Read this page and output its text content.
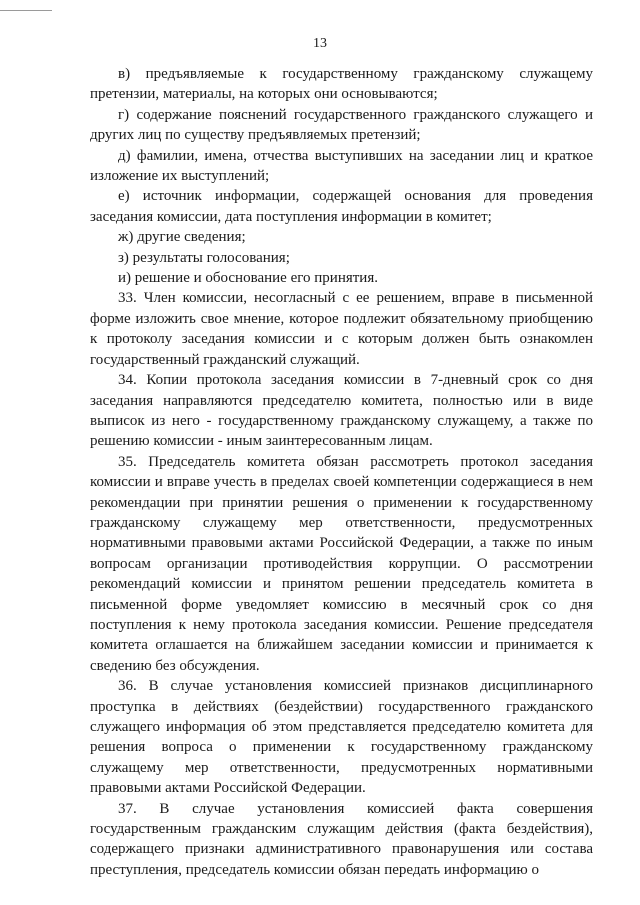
13

в) предъявляемые к государственному гражданскому служащему претензии, материалы, на которых они основываются;

г) содержание пояснений государственного гражданского служащего и других лиц по существу предъявляемых претензий;

д) фамилии, имена, отчества выступивших на заседании лиц и краткое изложение их выступлений;

е) источник информации, содержащей основания для проведения заседания комиссии, дата поступления информации в комитет;

ж) другие сведения;

з) результаты голосования;

и) решение и обоснование его принятия.

33. Член комиссии, несогласный с ее решением, вправе в письменной форме изложить свое мнение, которое подлежит обязательному приобщению к протоколу заседания комиссии и с которым должен быть ознакомлен государственный гражданский служащий.

34. Копии протокола заседания комиссии в 7-дневный срок со дня заседания направляются председателю комитета, полностью или в виде выписок из него - государственному гражданскому служащему, а также по решению комиссии - иным заинтересованным лицам.

35. Председатель комитета обязан рассмотреть протокол заседания комиссии и вправе учесть в пределах своей компетенции содержащиеся в нем рекомендации при принятии решения о применении к государственному гражданскому служащему мер ответственности, предусмотренных нормативными правовыми актами Российской Федерации, а также по иным вопросам организации противодействия коррупции. О рассмотрении рекомендаций комиссии и принятом решении председатель комитета в письменной форме уведомляет комиссию в месячный срок со дня поступления к нему протокола заседания комиссии. Решение председателя комитета оглашается на ближайшем заседании комиссии и принимается к сведению без обсуждения.

36. В случае установления комиссией признаков дисциплинарного проступка в действиях (бездействии) государственного гражданского служащего информация об этом представляется председателю комитета для решения вопроса о применении к государственному гражданскому служащему мер ответственности, предусмотренных нормативными правовыми актами Российской Федерации.

37. В случае установления комиссией факта совершения государственным гражданским служащим действия (факта бездействия), содержащего признаки административного правонарушения или состава преступления, председатель комиссии обязан передать информацию о
